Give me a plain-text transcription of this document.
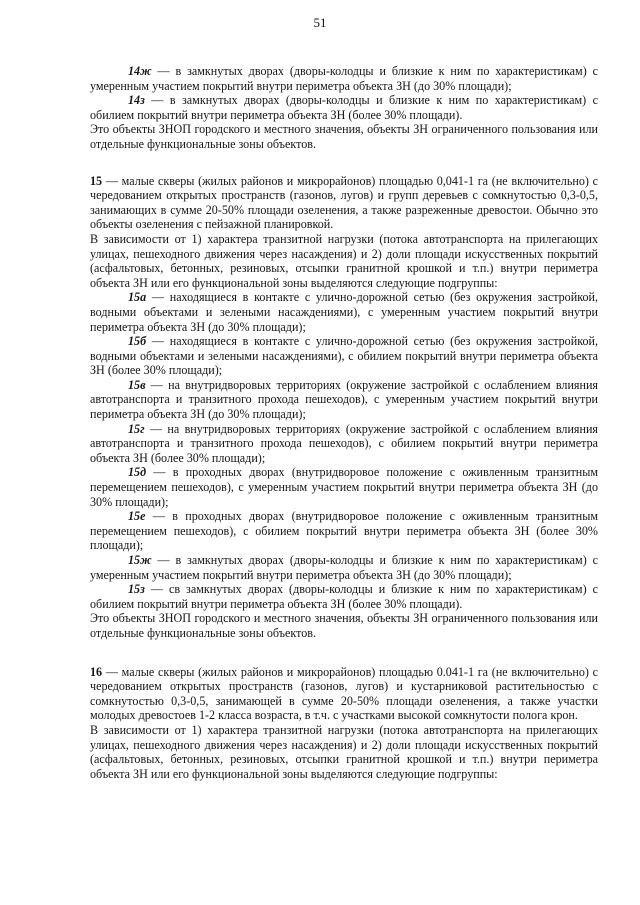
51

14ж — в замкнутых дворах (дворы-колодцы и близкие к ним по характеристикам) с умеренным участием покрытий внутри периметра объекта ЗН (до 30% площади);

14з — в замкнутых дворах (дворы-колодцы и близкие к ним по характеристикам) с обилием покрытий внутри периметра объекта ЗН (более 30% площади).

Это объекты ЗНОП городского и местного значения, объекты ЗН ограниченного пользования или отдельные функциональные зоны объектов.

15 — малые скверы (жилых районов и микрорайонов) площадью 0,041-1 га (не включительно) с чередованием открытых пространств (газонов, лугов) и групп деревьев с сомкнутостью 0,3-0,5, занимающих в сумме 20-50% площади озеленения, а также разреженные древостои. Обычно это объекты озеленения с пейзажной планировкой.

В зависимости от 1) характера транзитной нагрузки (потока автотранспорта на прилегающих улицах, пешеходного движения через насаждения) и 2) доли площади искусственных покрытий (асфальтовых, бетонных, резиновых, отсыпки гранитной крошкой и т.п.) внутри периметра объекта ЗН или его функциональной зоны выделяются следующие подгруппы:

15а — находящиеся в контакте с улично-дорожной сетью (без окружения застройкой, водными объектами и зелеными насаждениями), с умеренным участием покрытий внутри периметра объекта ЗН (до 30% площади);

15б — находящиеся в контакте с улично-дорожной сетью (без окружения застройкой, водными объектами и зелеными насаждениями), с обилием покрытий внутри периметра объекта ЗН (более 30% площади);

15в — на внутридворовых территориях (окружение застройкой с ослаблением влияния автотранспорта и транзитного прохода пешеходов), с умеренным участием покрытий внутри периметра объекта ЗН (до 30% площади);

15г — на внутридворовых территориях (окружение застройкой с ослаблением влияния автотранспорта и транзитного прохода пешеходов), с обилием покрытий внутри периметра объекта ЗН (более 30% площади);

15д — в проходных дворах (внутридворовое положение с оживленным транзитным перемещением пешеходов), с умеренным участием покрытий внутри периметра объекта ЗН (до 30% площади);

15е — в проходных дворах (внутридворовое положение с оживленным транзитным перемещением пешеходов), с обилием покрытий внутри периметра объекта ЗН (более 30% площади);

15ж — в замкнутых дворах (дворы-колодцы и близкие к ним по характеристикам) с умеренным участием покрытий внутри периметра объекта ЗН (до 30% площади);

15з — св замкнутых дворах (дворы-колодцы и близкие к ним по характеристикам) с обилием покрытий внутри периметра объекта ЗН (более 30% площади).

Это объекты ЗНОП городского и местного значения, объекты ЗН ограниченного пользования или отдельные функциональные зоны объектов.

16 — малые скверы (жилых районов и микрорайонов) площадью 0.041-1 га (не включительно) с чередованием открытых пространств (газонов, лугов) и кустарниковой растительностью с сомкнутостью 0,3-0,5, занимающей в сумме 20-50% площади озеленения, а также участки молодых древостоев 1-2 класса возраста, в т.ч. с участками высокой сомкнутости полога крон.

В зависимости от 1) характера транзитной нагрузки (потока автотранспорта на прилегающих улицах, пешеходного движения через насаждения) и 2) доли площади искусственных покрытий (асфальтовых, бетонных, резиновых, отсыпки гранитной крошкой и т.п.) внутри периметра объекта ЗН или его функциональной зоны выделяются следующие подгруппы:
